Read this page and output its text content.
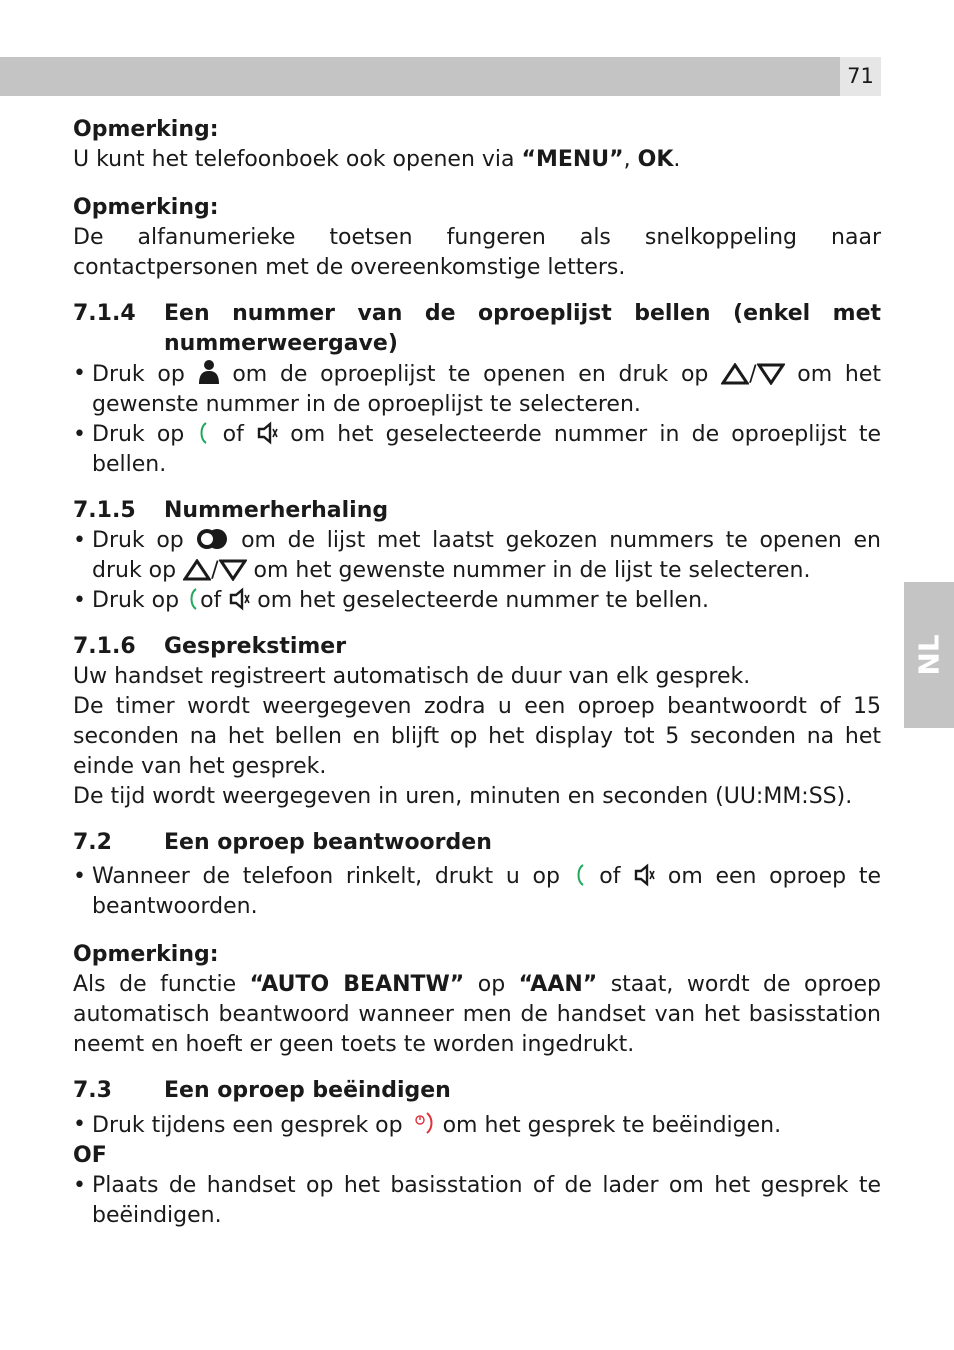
71
NL

Opmerking:

U kunt het telefoonboek ook openen via “MENU”, OK.

Opmerking:

De alfanumerieke toetsen fungeren als snelkoppeling naar contactpersonen met de overeenkomstige letters.

7.1.4	Een nummer van de oproeplijst bellen (enkel met nummerweergave)
• Druk op  om de oproeplijst te openen en druk op / om het gewenste nummer in de oproeplijst te selecteren.
• Druk op  of  om het geselecteerde nummer in de oproeplijst te bellen.
7.1.5	Nummerherhaling
• Druk op  om de lijst met laatst gekozen nummers te openen en druk op / om het gewenste nummer in de lijst te selecteren.
• Druk op of  om het geselecteerde nummer te bellen.
7.1.6	Gesprekstimer

Uw handset registreert automatisch de duur van elk gesprek.

De timer wordt weergegeven zodra u een oproep beantwoordt of 15 seconden na het bellen en blijft op het display tot 5 seconden na het einde van het gesprek.

De tijd wordt weergegeven in uren, minuten en seconden (UU:MM:SS).

7.2	Een oproep beantwoorden
• Wanneer de telefoon rinkelt, drukt u op  of  om een oproep te beantwoorden.

Opmerking:

Als de functie “AUTO BEANTW” op “AAN” staat, wordt de oproep automatisch beantwoord wanneer men de handset van het basisstation neemt en hoeft er geen toets te worden ingedrukt.

7.3	Een oproep beëindigen
• Druk tijdens een gesprek op  om het gesprek te beëindigen.

OF

• Plaats de handset op het basisstation of de lader om het gesprek te beëindigen.
